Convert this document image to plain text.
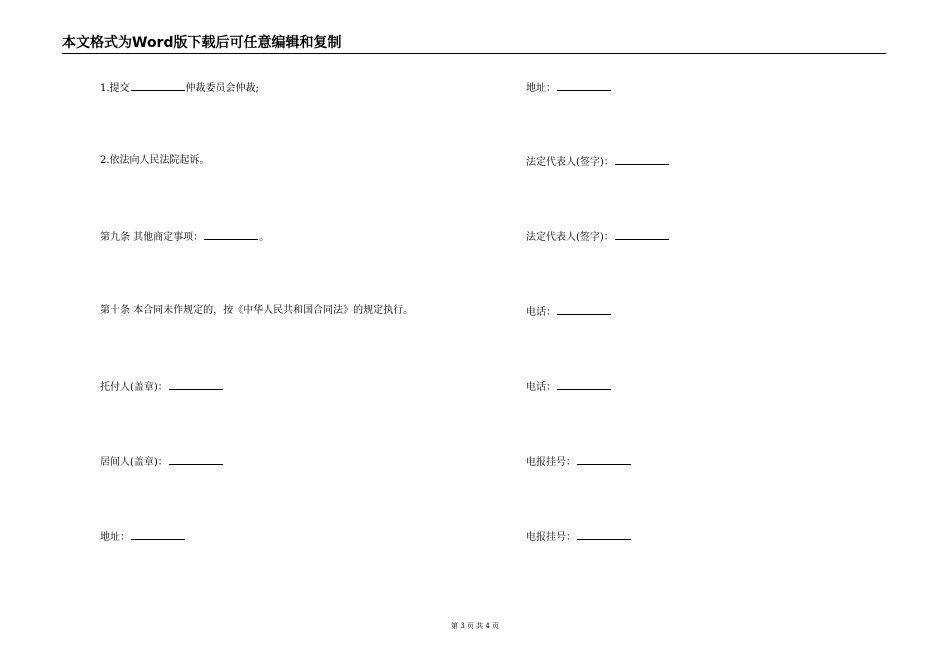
本文格式为Word版下载后可任意编辑和复制
1.提交	仲裁委员会仲裁;
2.依法向人民法院起诉。
第九条 其他商定事项：	。
第十条 本合同未作规定的，按《中华人民共和国合同法》的规定执行。
托付人(盖章)：
居间人(盖章)：
地址：
地址：
法定代表人(签字)：
法定代表人(签字)：
电话：
电话：
电报挂号：
电报挂号：
第 3 页 共 4 页
